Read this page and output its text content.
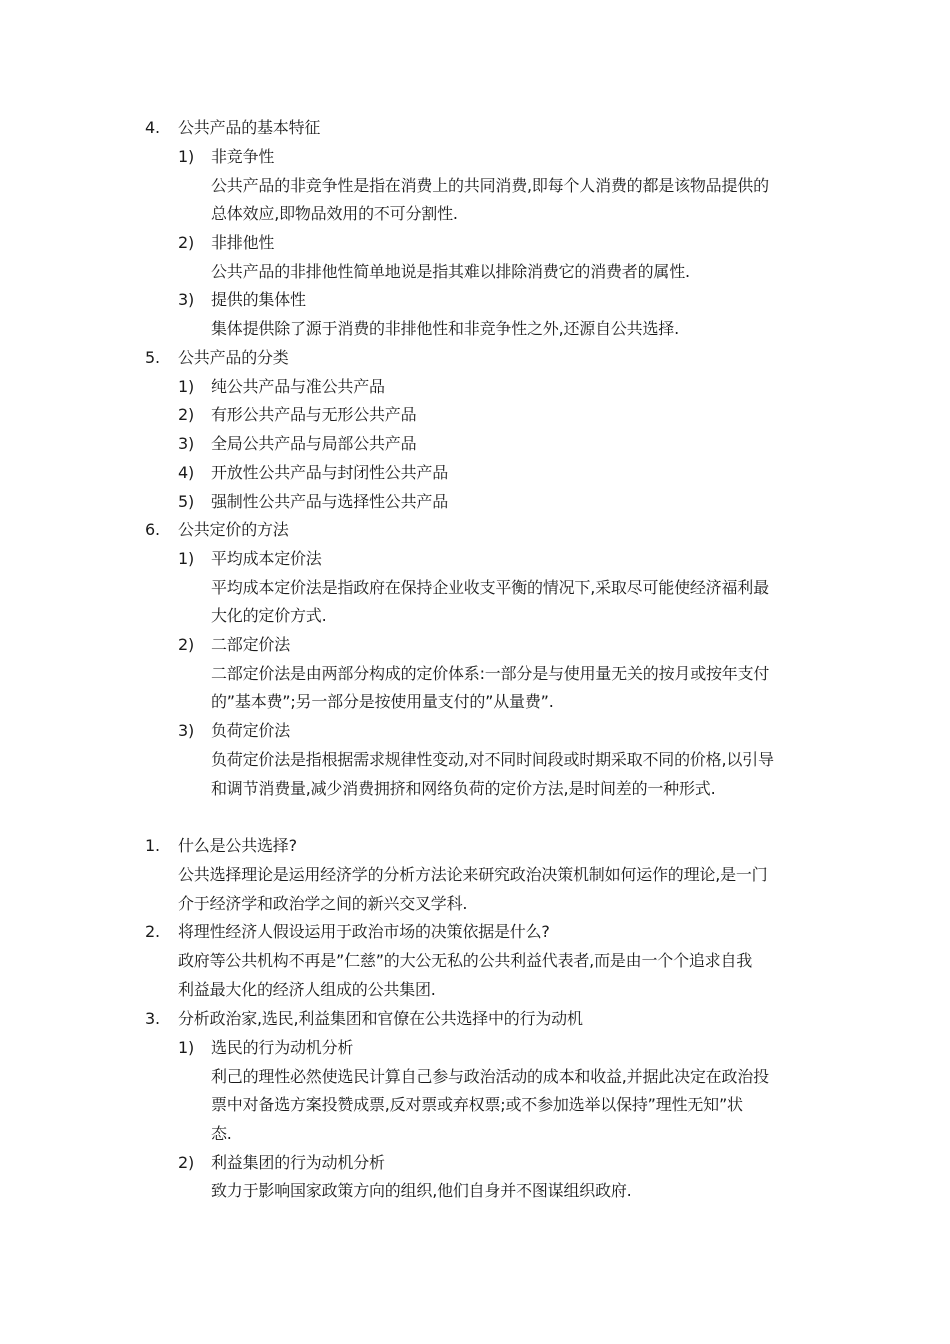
4. 公共产品的基本特征
1) 非竞争性
公共产品的非竞争性是指在消费上的共同消费,即每个人消费的都是该物品提供的
总体效应,即物品效用的不可分割性.
2) 非排他性
公共产品的非排他性简单地说是指其难以排除消费它的消费者的属性.
3) 提供的集体性
集体提供除了源于消费的非排他性和非竞争性之外,还源自公共选择.
5. 公共产品的分类
1) 纯公共产品与准公共产品
2) 有形公共产品与无形公共产品
3) 全局公共产品与局部公共产品
4) 开放性公共产品与封闭性公共产品
5) 强制性公共产品与选择性公共产品
6. 公共定价的方法
1) 平均成本定价法
平均成本定价法是指政府在保持企业收支平衡的情况下,采取尽可能使经济福利最
大化的定价方式.
2) 二部定价法
二部定价法是由两部分构成的定价体系:一部分是与使用量无关的按月或按年支付
的”基本费”;另一部分是按使用量支付的”从量费”.
3) 负荷定价法
负荷定价法是指根据需求规律性变动,对不同时间段或时期采取不同的价格,以引导
和调节消费量,减少消费拥挤和网络负荷的定价方法,是时间差的一种形式.
1. 什么是公共选择?
公共选择理论是运用经济学的分析方法论来研究政治决策机制如何运作的理论,是一门
介于经济学和政治学之间的新兴交叉学科.
2. 将理性经济人假设运用于政治市场的决策依据是什么?
政府等公共机构不再是”仁慈”的大公无私的公共利益代表者,而是由一个个追求自我
利益最大化的经济人组成的公共集团.
3. 分析政治家,选民,利益集团和官僚在公共选择中的行为动机
1) 选民的行为动机分析
利己的理性必然使选民计算自己参与政治活动的成本和收益,并据此决定在政治投
票中对备选方案投赞成票,反对票或弃权票;或不参加选举以保持”理性无知”状
态.
2) 利益集团的行为动机分析
致力于影响国家政策方向的组织,他们自身并不图谋组织政府.
